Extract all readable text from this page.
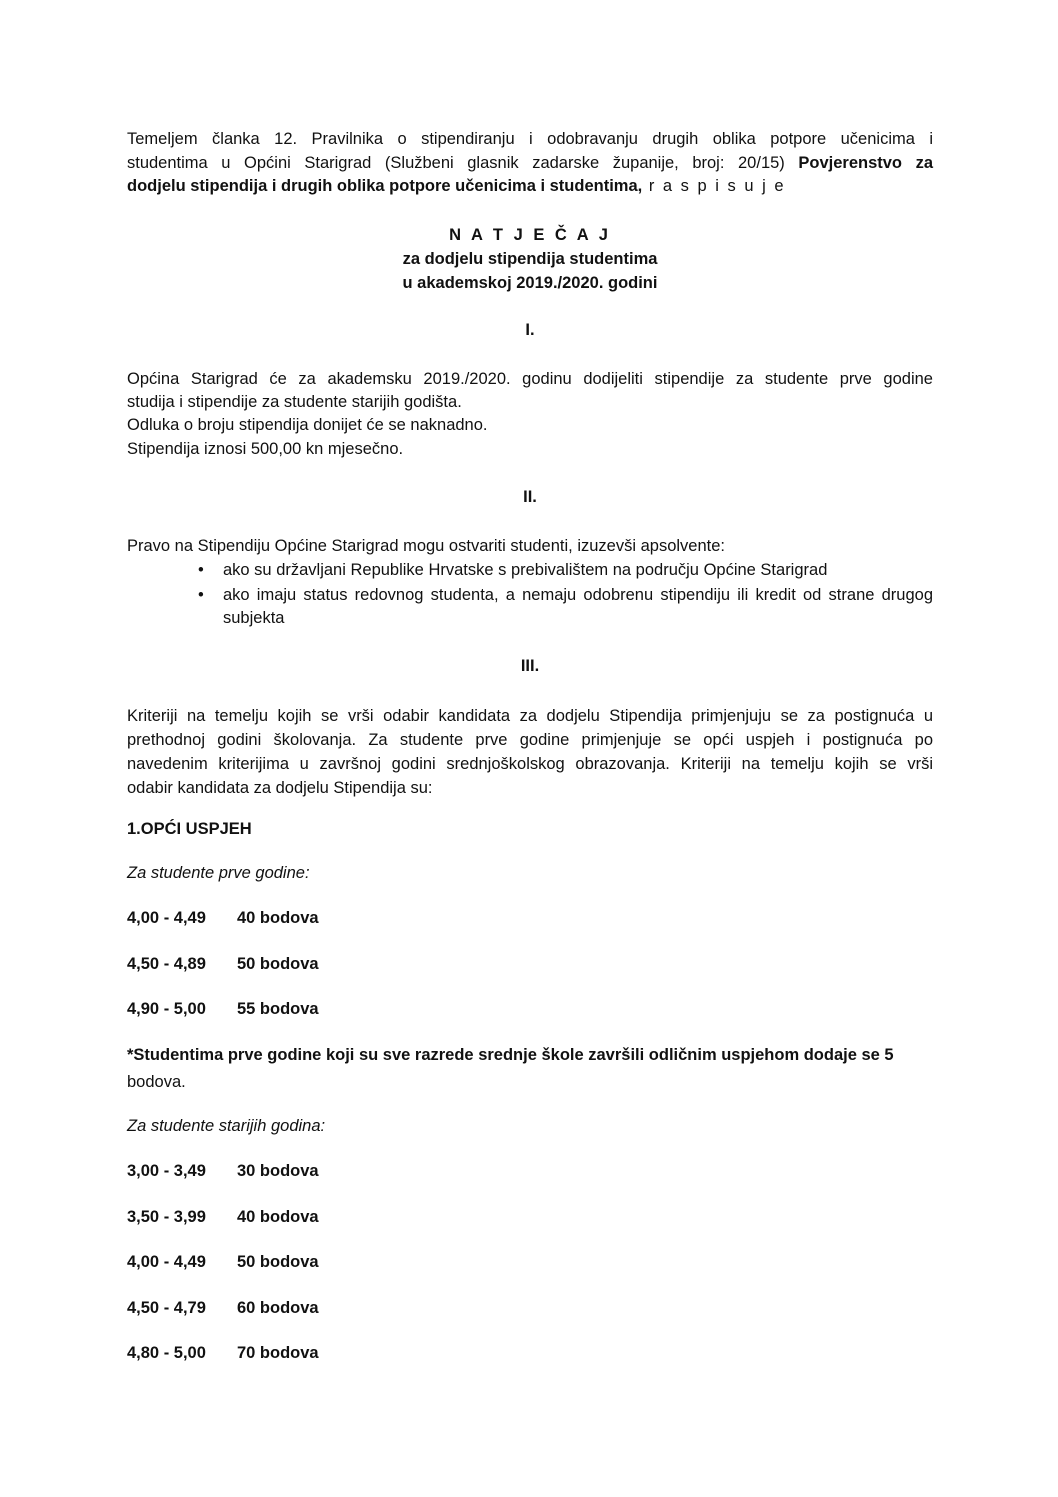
Temeljem članka 12. Pravilnika o stipendiranju i odobravanju drugih oblika potpore učenicima i
studentima u Općini Starigrad (Službeni glasnik zadarske županije, broj: 20/15) Povjerenstvo za
dodjelu stipendija i drugih oblika potpore učenicima i studentima, r a s p i s u j e
N A T J E Č A J
za dodjelu stipendija studentima
u akademskoj 2019./2020. godini
I.
Općina Starigrad će za akademsku 2019./2020. godinu dodijeliti stipendije za studente prve godine
studija i stipendije za studente starijih godišta.
Odluka o broju stipendija donijet će se naknadno.
Stipendija iznosi 500,00 kn mjesečno.
II.
Pravo na Stipendiju Općine Starigrad mogu ostvariti studenti, izuzevši apsolvente:
• ako su državljani Republike Hrvatske s prebivalištem na području Općine Starigrad
• ako imaju status redovnog studenta, a nemaju odobrenu stipendiju ili kredit od strane drugog subjekta
III.
Kriteriji na temelju kojih se vrši odabir kandidata za dodjelu Stipendija primjenjuju se za postignuća u
prethodnoj godini školovanja. Za studente prve godine primjenjuje se opći uspjeh i postignuća po
navedenim kriterijima u završnoj godini srednjoškolskog obrazovanja. Kriteriji na temelju kojih se vrši
odabir kandidata za dodjelu Stipendija su:
1.OPĆI USPJEH
Za studente prve godine:
4,00 - 4,49 40 bodova
4,50 - 4,89 50 bodova
4,90 - 5,00 55 bodova
*Studentima prve godine koji su sve razrede srednje škole završili odličnim uspjehom dodaje se 5
bodova.
Za studente starijih godina:
3,00 - 3,49 30 bodova
3,50 - 3,99 40 bodova
4,00 - 4,49 50 bodova
4,50 - 4,79 60 bodova
4,80 - 5,00 70 bodova
